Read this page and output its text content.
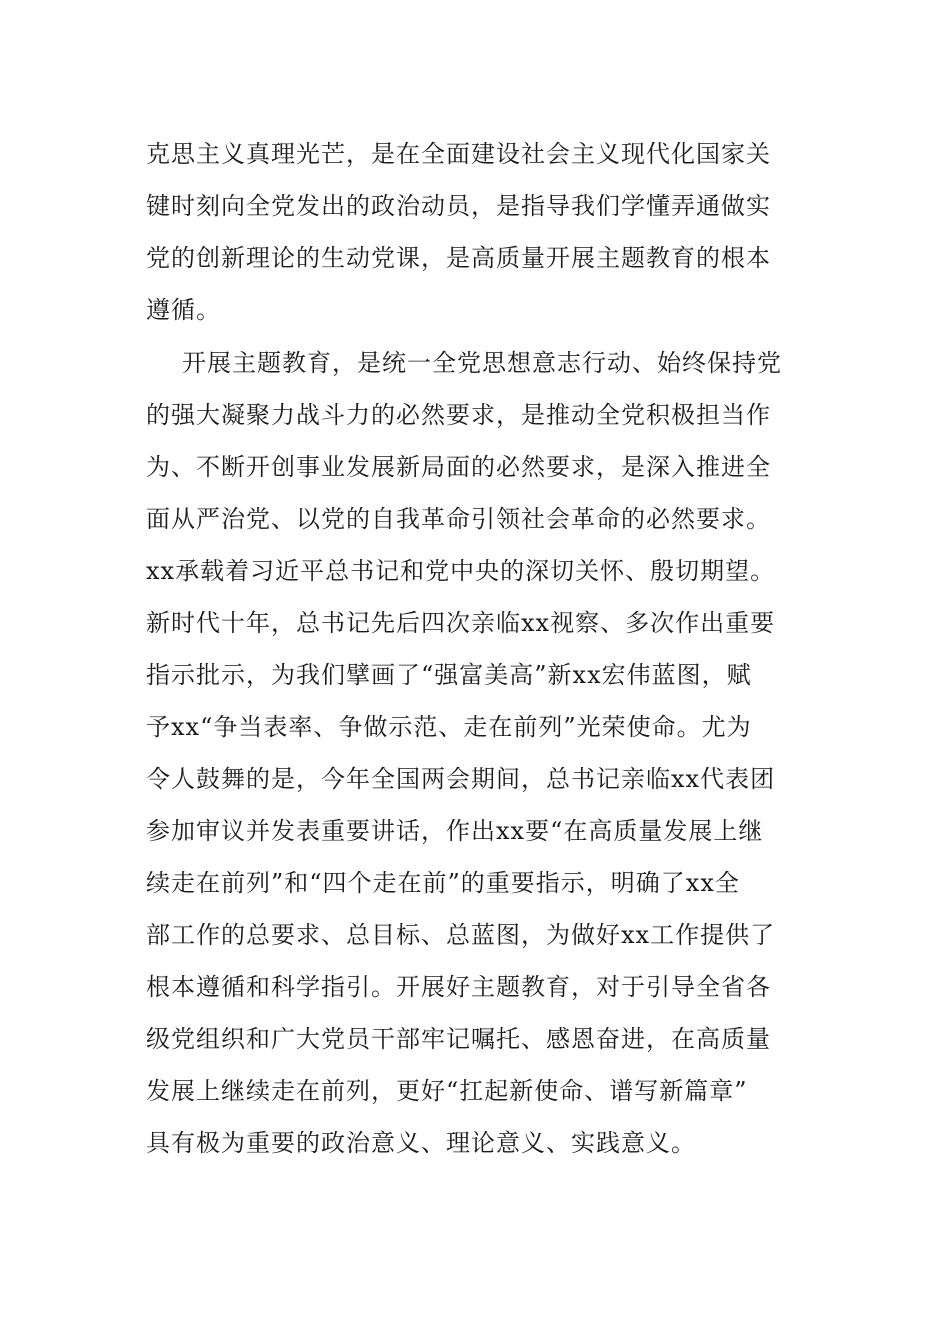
克思主义真理光芒，是在全面建设社会主义现代化国家关
键时刻向全党发出的政治动员，是指导我们学懂弄通做实
党的创新理论的生动党课，是高质量开展主题教育的根本
遵循。
开展主题教育，是统一全党思想意志行动、始终保持党
的强大凝聚力战斗力的必然要求，是推动全党积极担当作
为、不断开创事业发展新局面的必然要求，是深入推进全
面从严治党、以党的自我革命引领社会革命的必然要求。
xx承载着习近平总书记和党中央的深切关怀、殷切期望。
新时代十年，总书记先后四次亲临xx视察、多次作出重要
指示批示，为我们擘画了“强富美高”新xx宏伟蓝图，赋
予xx“争当表率、争做示范、走在前列”光荣使命。尤为
令人鼓舞的是，今年全国两会期间，总书记亲临xx代表团
参加审议并发表重要讲话，作出xx要“在高质量发展上继
续走在前列”和“四个走在前”的重要指示，明确了xx全
部工作的总要求、总目标、总蓝图，为做好xx工作提供了
根本遵循和科学指引。开展好主题教育，对于引导全省各
级党组织和广大党员干部牢记嘱托、感恩奋进，在高质量
发展上继续走在前列，更好“扛起新使命、谱写新篇章”
具有极为重要的政治意义、理论意义、实践意义。
